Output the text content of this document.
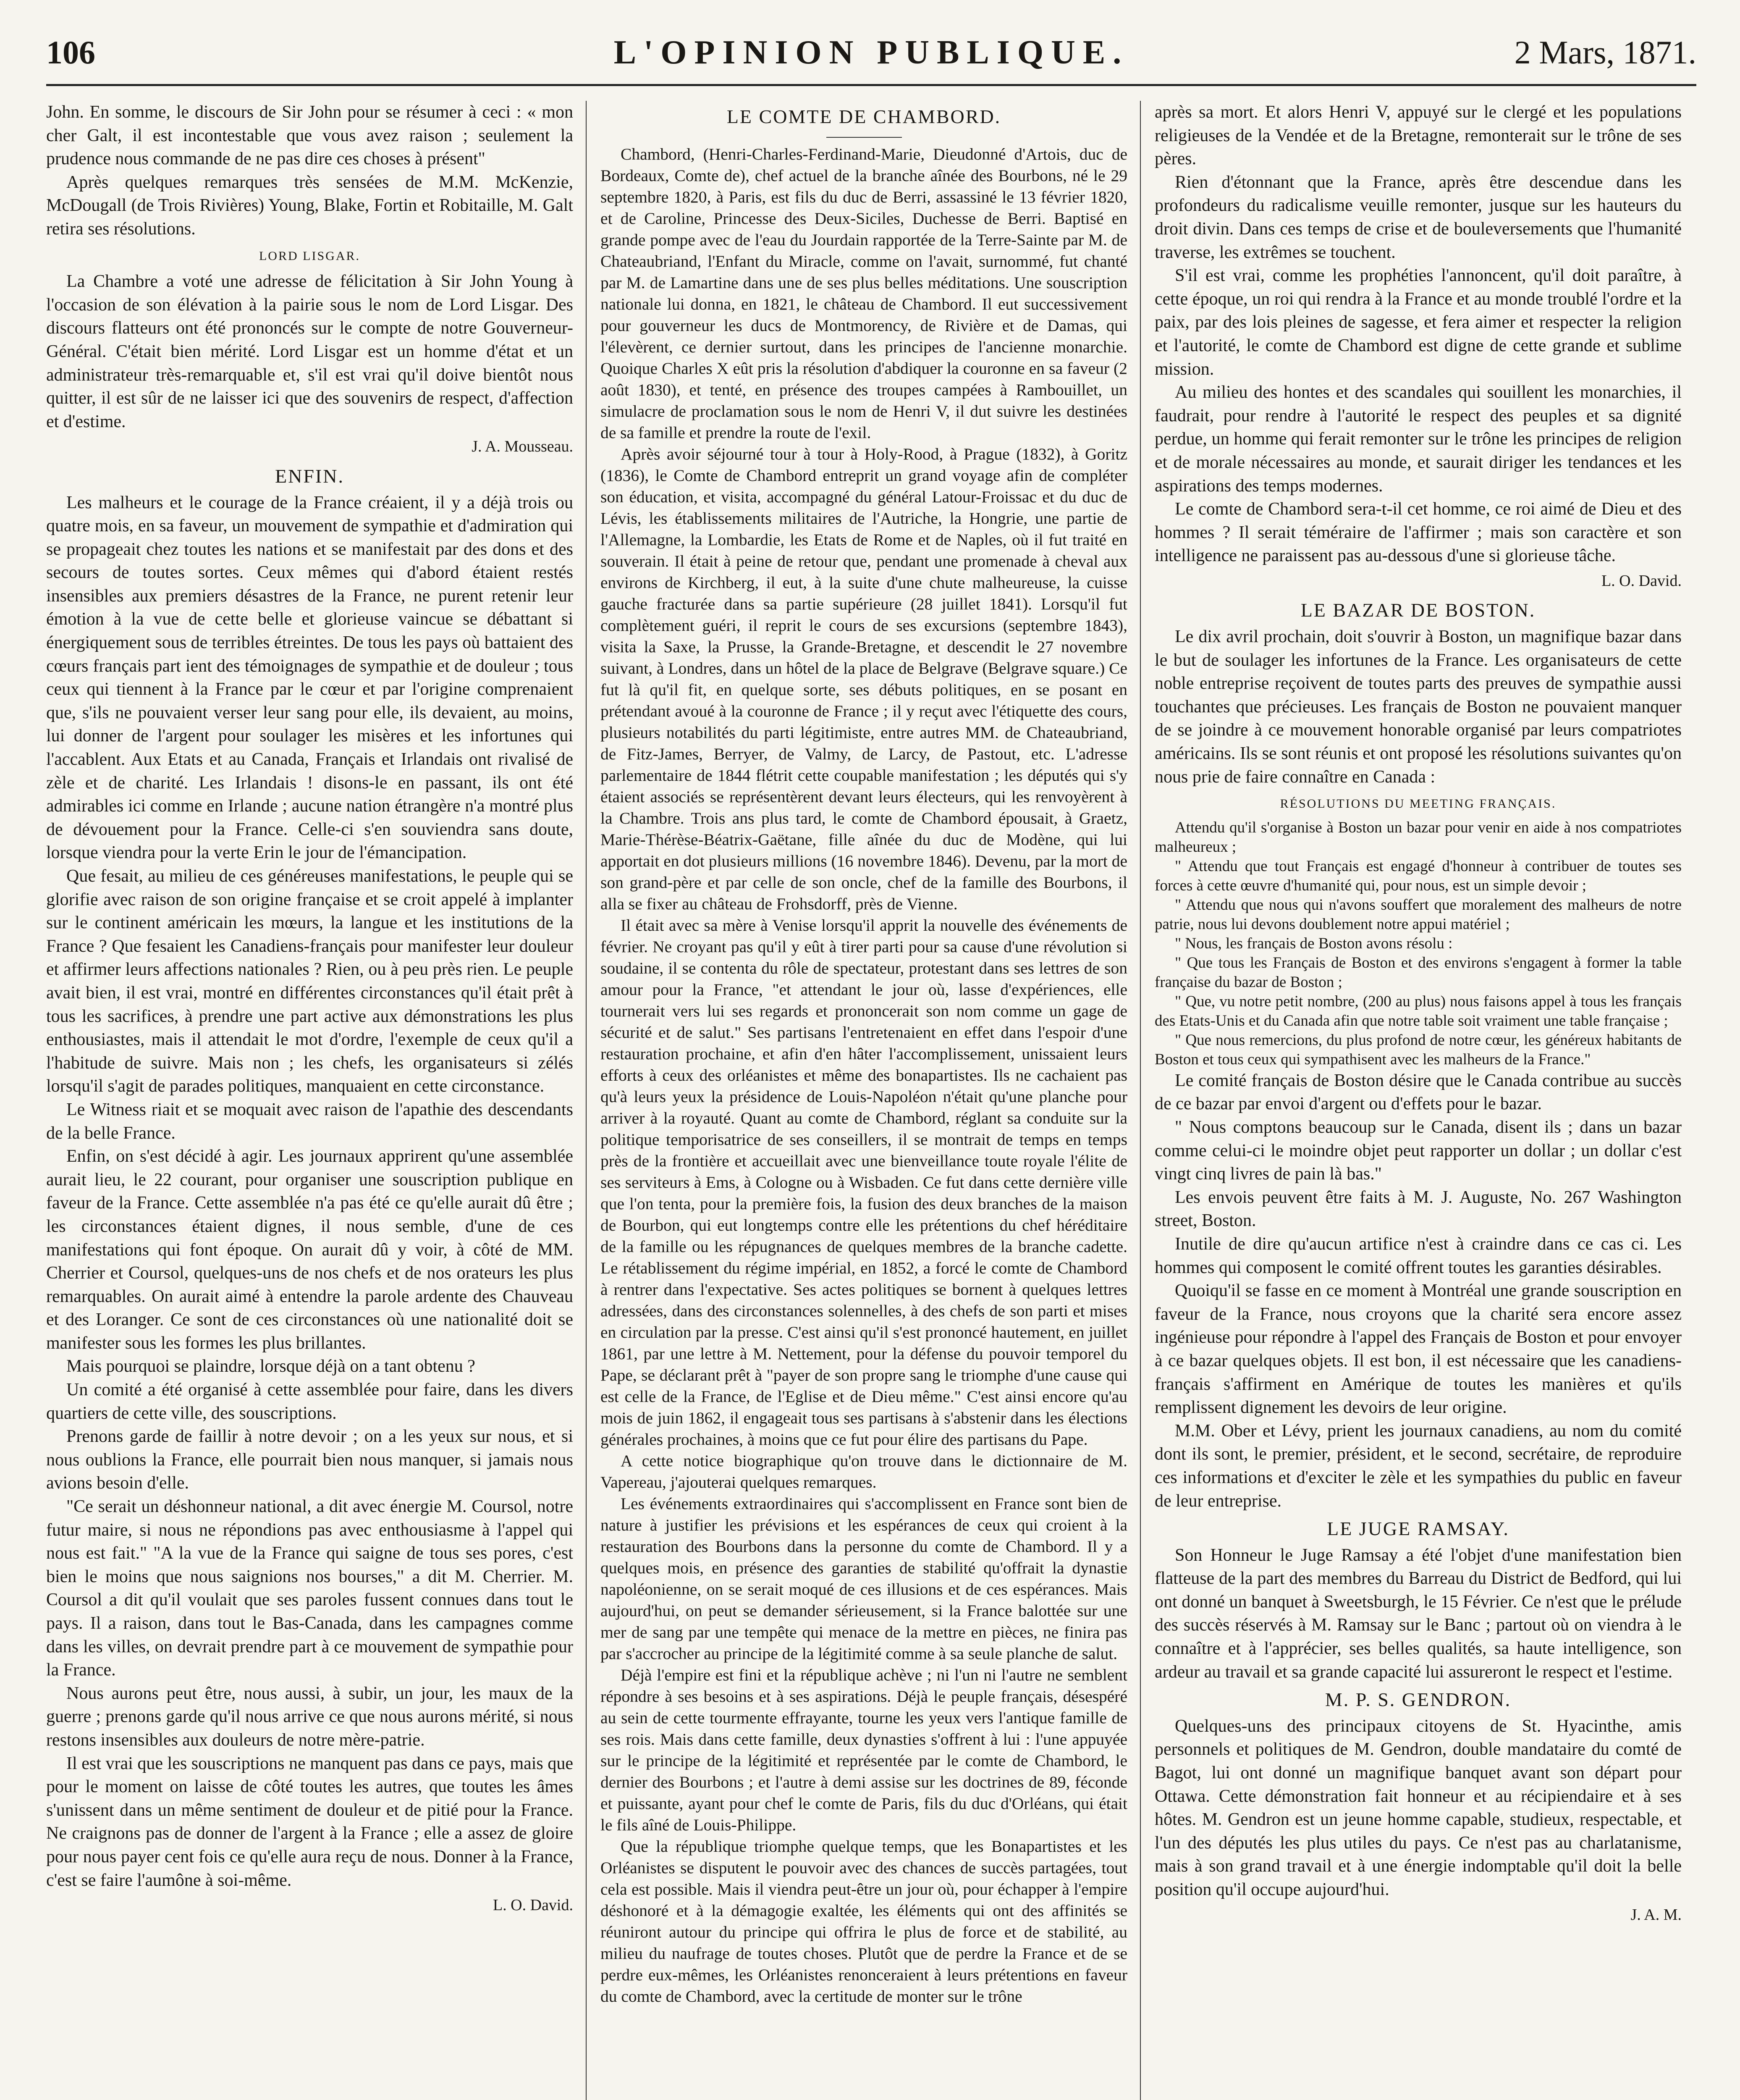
L'OPINION PUBLIQUE.
106	2 Mars, 1871.

John. En somme, le discours de Sir John pour se résumer à ceci : « mon cher Galt, il est incontestable que vous avez raison ; seulement la prudence nous commande de ne pas dire ces choses à présent"

Après quelques remarques très sensées de M.M. McKenzie, McDougall (de Trois Rivières) Young, Blake, Fortin et Robitaille, M. Galt retira ses résolutions.

LORD LISGAR.

La Chambre a voté une adresse de félicitation à Sir John Young à l'occasion de son élévation à la pairie sous le nom de Lord Lisgar. Des discours flatteurs ont été prononcés sur le compte de notre Gouverneur-Général. C'était bien mérité. Lord Lisgar est un homme d'état et un administrateur très-remarquable et, s'il est vrai qu'il doive bientôt nous quitter, il est sûr de ne laisser ici que des souvenirs de respect, d'affection et d'estime.

J. A. Mousseau.
ENFIN.

Les malheurs et le courage de la France créaient, il y a déjà trois ou quatre mois, en sa faveur, un mouvement de sympathie et d'admiration qui se propageait chez toutes les nations et se manifestait par des dons et des secours de toutes sortes. Ceux mêmes qui d'abord étaient restés insensibles aux premiers désastres de la France, ne purent retenir leur émotion à la vue de cette belle et glorieuse vaincue se débattant si énergiquement sous de terribles étreintes. De tous les pays où battaient des cœurs français part ient des témoignages de sympathie et de douleur ; tous ceux qui tiennent à la France par le cœur et par l'origine comprenaient que, s'ils ne pouvaient verser leur sang pour elle, ils devaient, au moins, lui donner de l'argent pour soulager les misères et les infortunes qui l'accablent. Aux Etats et au Canada, Français et Irlandais ont rivalisé de zèle et de charité. Les Irlandais ! disons-le en passant, ils ont été admirables ici comme en Irlande ; aucune nation étrangère n'a montré plus de dévouement pour la France. Celle-ci s'en souviendra sans doute, lorsque viendra pour la verte Erin le jour de l'émancipation.

Que fesait, au milieu de ces généreuses manifestations, le peuple qui se glorifie avec raison de son origine française et se croit appelé à implanter sur le continent américain les mœurs, la langue et les institutions de la France ? Que fesaient les Canadiens-français pour manifester leur douleur et affirmer leurs affections nationales ? Rien, ou à peu près rien. Le peuple avait bien, il est vrai, montré en différentes circonstances qu'il était prêt à tous les sacrifices, à prendre une part active aux démonstrations les plus enthousiastes, mais il attendait le mot d'ordre, l'exemple de ceux qu'il a l'habitude de suivre. Mais non ; les chefs, les organisateurs si zélés lorsqu'il s'agit de parades politiques, manquaient en cette circonstance.

Le Witness riait et se moquait avec raison de l'apathie des descendants de la belle France.

Enfin, on s'est décidé à agir. Les journaux apprirent qu'une assemblée aurait lieu, le 22 courant, pour organiser une souscription publique en faveur de la France. Cette assemblée n'a pas été ce qu'elle aurait dû être ; les circonstances étaient dignes, il nous semble, d'une de ces manifestations qui font époque. On aurait dû y voir, à côté de MM. Cherrier et Coursol, quelques-uns de nos chefs et de nos orateurs les plus remarquables. On aurait aimé à entendre la parole ardente des Chauveau et des Loranger. Ce sont de ces circonstances où une nationalité doit se manifester sous les formes les plus brillantes.

Mais pourquoi se plaindre, lorsque déjà on a tant obtenu ?

Un comité a été organisé à cette assemblée pour faire, dans les divers quartiers de cette ville, des souscriptions.

Prenons garde de faillir à notre devoir ; on a les yeux sur nous, et si nous oublions la France, elle pourrait bien nous manquer, si jamais nous avions besoin d'elle.

"Ce serait un déshonneur national, a dit avec énergie M. Coursol, notre futur maire, si nous ne répondions pas avec enthousiasme à l'appel qui nous est fait." "A la vue de la France qui saigne de tous ses pores, c'est bien le moins que nous saignions nos bourses," a dit M. Cherrier. M. Coursol a dit qu'il voulait que ses paroles fussent connues dans tout le pays. Il a raison, dans tout le Bas-Canada, dans les campagnes comme dans les villes, on devrait prendre part à ce mouvement de sympathie pour la France.

Nous aurons peut être, nous aussi, à subir, un jour, les maux de la guerre ; prenons garde qu'il nous arrive ce que nous aurons mérité, si nous restons insensibles aux douleurs de notre mère-patrie.

Il est vrai que les souscriptions ne manquent pas dans ce pays, mais que pour le moment on laisse de côté toutes les autres, que toutes les âmes s'unissent dans un même sentiment de douleur et de pitié pour la France. Ne craignons pas de donner de l'argent à la France ; elle a assez de gloire pour nous payer cent fois ce qu'elle aura reçu de nous. Donner à la France, c'est se faire l'aumône à soi-même.

L. O. David.
LE COMTE DE CHAMBORD.

Chambord, (Henri-Charles-Ferdinand-Marie, Dieudonné d'Artois, duc de Bordeaux, Comte de), chef actuel de la branche aînée des Bourbons, né le 29 septembre 1820, à Paris, est fils du duc de Berri, assassiné le 13 février 1820, et de Caroline, Princesse des Deux-Siciles, Duchesse de Berri. Baptisé en grande pompe avec de l'eau du Jourdain rapportée de la Terre-Sainte par M. de Chateaubriand, l'Enfant du Miracle, comme on l'avait, surnommé, fut chanté par M. de Lamartine dans une de ses plus belles méditations. Une souscription nationale lui donna, en 1821, le château de Chambord. Il eut successivement pour gouverneur les ducs de Montmorency, de Rivière et de Damas, qui l'élevèrent, ce dernier surtout, dans les principes de l'ancienne monarchie. Quoique Charles X eût pris la résolution d'abdiquer la couronne en sa faveur (2 août 1830), et tenté, en présence des troupes campées à Rambouillet, un simulacre de proclamation sous le nom de Henri V, il dut suivre les destinées de sa famille et prendre la route de l'exil.

Après avoir séjourné tour à tour à Holy-Rood, à Prague (1832), à Goritz (1836), le Comte de Chambord entreprit un grand voyage afin de compléter son éducation, et visita, accompagné du général Latour-Froissac et du duc de Lévis, les établissements militaires de l'Autriche, la Hongrie, une partie de l'Allemagne, la Lombardie, les Etats de Rome et de Naples, où il fut traité en souverain. Il était à peine de retour que, pendant une promenade à cheval aux environs de Kirchberg, il eut, à la suite d'une chute malheureuse, la cuisse gauche fracturée dans sa partie supérieure (28 juillet 1841). Lorsqu'il fut complètement guéri, il reprit le cours de ses excursions (septembre 1843), visita la Saxe, la Prusse, la Grande-Bretagne, et descendit le 27 novembre suivant, à Londres, dans un hôtel de la place de Belgrave (Belgrave square.) Ce fut là qu'il fit, en quelque sorte, ses débuts politiques, en se posant en prétendant avoué à la couronne de France ; il y reçut avec l'étiquette des cours, plusieurs notabilités du parti légitimiste, entre autres MM. de Chateaubriand, de Fitz-James, Berryer, de Valmy, de Larcy, de Pastout, etc. L'adresse parlementaire de 1844 flétrit cette coupable manifestation ; les députés qui s'y étaient associés se représentèrent devant leurs électeurs, qui les renvoyèrent à la Chambre. Trois ans plus tard, le comte de Chambord épousait, à Graetz, Marie-Thérèse-Béatrix-Gaëtane, fille aînée du duc de Modène, qui lui apportait en dot plusieurs millions (16 novembre 1846). Devenu, par la mort de son grand-père et par celle de son oncle, chef de la famille des Bourbons, il alla se fixer au château de Frohsdorff, près de Vienne.

Il était avec sa mère à Venise lorsqu'il apprit la nouvelle des événements de février. Ne croyant pas qu'il y eût à tirer parti pour sa cause d'une révolution si soudaine, il se contenta du rôle de spectateur, protestant dans ses lettres de son amour pour la France, "et attendant le jour où, lasse d'expériences, elle tournerait vers lui ses regards et prononcerait son nom comme un gage de sécurité et de salut." Ses partisans l'entretenaient en effet dans l'espoir d'une restauration prochaine, et afin d'en hâter l'accomplissement, unissaient leurs efforts à ceux des orléanistes et même des bonapartistes. Ils ne cachaient pas qu'à leurs yeux la présidence de Louis-Napoléon n'était qu'une planche pour arriver à la royauté. Quant au comte de Chambord, réglant sa conduite sur la politique temporisatrice de ses conseillers, il se montrait de temps en temps près de la frontière et accueillait avec une bienveillance toute royale l'élite de ses serviteurs à Ems, à Cologne ou à Wisbaden. Ce fut dans cette dernière ville que l'on tenta, pour la première fois, la fusion des deux branches de la maison de Bourbon, qui eut longtemps contre elle les prétentions du chef héréditaire de la famille ou les répugnances de quelques membres de la branche cadette. Le rétablissement du régime impérial, en 1852, a forcé le comte de Chambord à rentrer dans l'expectative. Ses actes politiques se bornent à quelques lettres adressées, dans des circonstances solennelles, à des chefs de son parti et mises en circulation par la presse. C'est ainsi qu'il s'est prononcé hautement, en juillet 1861, par une lettre à M. Nettement, pour la défense du pouvoir temporel du Pape, se déclarant prêt à "payer de son propre sang le triomphe d'une cause qui est celle de la France, de l'Eglise et de Dieu même." C'est ainsi encore qu'au mois de juin 1862, il engageait tous ses partisans à s'abstenir dans les élections générales prochaines, à moins que ce fut pour élire des partisans du Pape.

A cette notice biographique qu'on trouve dans le dictionnaire de M. Vapereau, j'ajouterai quelques remarques.

Les événements extraordinaires qui s'accomplissent en France sont bien de nature à justifier les prévisions et les espérances de ceux qui croient à la restauration des Bourbons dans la personne du comte de Chambord. Il y a quelques mois, en présence des garanties de stabilité qu'offrait la dynastie napoléonienne, on se serait moqué de ces illusions et de ces espérances. Mais aujourd'hui, on peut se demander sérieusement, si la France balottée sur une mer de sang par une tempête qui menace de la mettre en pièces, ne finira pas par s'accrocher au principe de la légitimité comme à sa seule planche de salut.

Déjà l'empire est fini et la république achève ; ni l'un ni l'autre ne semblent répondre à ses besoins et à ses aspirations. Déjà le peuple français, désespéré au sein de cette tourmente effrayante, tourne les yeux vers l'antique famille de ses rois. Mais dans cette famille, deux dynasties s'offrent à lui : l'une appuyée sur le principe de la légitimité et représentée par le comte de Chambord, le dernier des Bourbons ; et l'autre à demi assise sur les doctrines de 89, féconde et puissante, ayant pour chef le comte de Paris, fils du duc d'Orléans, qui était le fils aîné de Louis-Philippe.

Que la république triomphe quelque temps, que les Bonapartistes et les Orléanistes se disputent le pouvoir avec des chances de succès partagées, tout cela est possible. Mais il viendra peut-être un jour où, pour échapper à l'empire déshonoré et à la démagogie exaltée, les éléments qui ont des affinités se réuniront autour du principe qui offrira le plus de force et de stabilité, au milieu du naufrage de toutes choses. Plutôt que de perdre la France et de se perdre eux-mêmes, les Orléanistes renonceraient à leurs prétentions en faveur du comte de Chambord, avec la certitude de monter sur le trône

après sa mort. Et alors Henri V, appuyé sur le clergé et les populations religieuses de la Vendée et de la Bretagne, remonterait sur le trône de ses pères.

Rien d'étonnant que la France, après être descendue dans les profondeurs du radicalisme veuille remonter, jusque sur les hauteurs du droit divin. Dans ces temps de crise et de bouleversements que l'humanité traverse, les extrêmes se touchent.

S'il est vrai, comme les prophéties l'annoncent, qu'il doit paraître, à cette époque, un roi qui rendra à la France et au monde troublé l'ordre et la paix, par des lois pleines de sagesse, et fera aimer et respecter la religion et l'autorité, le comte de Chambord est digne de cette grande et sublime mission.

Au milieu des hontes et des scandales qui souillent les monarchies, il faudrait, pour rendre à l'autorité le respect des peuples et sa dignité perdue, un homme qui ferait remonter sur le trône les principes de religion et de morale nécessaires au monde, et saurait diriger les tendances et les aspirations des temps modernes.

Le comte de Chambord sera-t-il cet homme, ce roi aimé de Dieu et des hommes ? Il serait téméraire de l'affirmer ; mais son caractère et son intelligence ne paraissent pas au-dessous d'une si glorieuse tâche.

L. O. David.
LE BAZAR DE BOSTON.

Le dix avril prochain, doit s'ouvrir à Boston, un magnifique bazar dans le but de soulager les infortunes de la France. Les organisateurs de cette noble entreprise reçoivent de toutes parts des preuves de sympathie aussi touchantes que précieuses. Les français de Boston ne pouvaient manquer de se joindre à ce mouvement honorable organisé par leurs compatriotes américains. Ils se sont réunis et ont proposé les résolutions suivantes qu'on nous prie de faire connaître en Canada :

RÉSOLUTIONS DU MEETING FRANÇAIS.

Attendu qu'il s'organise à Boston un bazar pour venir en aide à nos compatriotes malheureux ;

" Attendu que tout Français est engagé d'honneur à contribuer de toutes ses forces à cette œuvre d'humanité qui, pour nous, est un simple devoir ;

" Attendu que nous qui n'avons souffert que moralement des malheurs de notre patrie, nous lui devons doublement notre appui matériel ;

" Nous, les français de Boston avons résolu :

" Que tous les Français de Boston et des environs s'engagent à former la table française du bazar de Boston ;

" Que, vu notre petit nombre, (200 au plus) nous faisons appel à tous les français des Etats-Unis et du Canada afin que notre table soit vraiment une table française ;

" Que nous remercions, du plus profond de notre cœur, les généreux habitants de Boston et tous ceux qui sympathisent avec les malheurs de la France."

Le comité français de Boston désire que le Canada contribue au succès de ce bazar par envoi d'argent ou d'effets pour le bazar.

" Nous comptons beaucoup sur le Canada, disent ils ; dans un bazar comme celui-ci le moindre objet peut rapporter un dollar ; un dollar c'est vingt cinq livres de pain là bas."

Les envois peuvent être faits à M. J. Auguste, No. 267 Washington street, Boston.

Inutile de dire qu'aucun artifice n'est à craindre dans ce cas ci. Les hommes qui composent le comité offrent toutes les garanties désirables.

Quoiqu'il se fasse en ce moment à Montréal une grande souscription en faveur de la France, nous croyons que la charité sera encore assez ingénieuse pour répondre à l'appel des Français de Boston et pour envoyer à ce bazar quelques objets. Il est bon, il est nécessaire que les canadiens-français s'affirment en Amérique de toutes les manières et qu'ils remplissent dignement les devoirs de leur origine.

M.M. Ober et Lévy, prient les journaux canadiens, au nom du comité dont ils sont, le premier, président, et le second, secrétaire, de reproduire ces informations et d'exciter le zèle et les sympathies du public en faveur de leur entreprise.

LE JUGE RAMSAY.

Son Honneur le Juge Ramsay a été l'objet d'une manifestation bien flatteuse de la part des membres du Barreau du District de Bedford, qui lui ont donné un banquet à Sweetsburgh, le 15 Février. Ce n'est que le prélude des succès réservés à M. Ramsay sur le Banc ; partout où on viendra à le connaître et à l'apprécier, ses belles qualités, sa haute intelligence, son ardeur au travail et sa grande capacité lui assureront le respect et l'estime.

M. P. S. GENDRON.

Quelques-uns des principaux citoyens de St. Hyacinthe, amis personnels et politiques de M. Gendron, double mandataire du comté de Bagot, lui ont donné un magnifique banquet avant son départ pour Ottawa. Cette démonstration fait honneur et au récipiendaire et à ses hôtes. M. Gendron est un jeune homme capable, studieux, respectable, et l'un des députés les plus utiles du pays. Ce n'est pas au charlatanisme, mais à son grand travail et à une énergie indomptable qu'il doit la belle position qu'il occupe aujourd'hui.

J. A. M.
